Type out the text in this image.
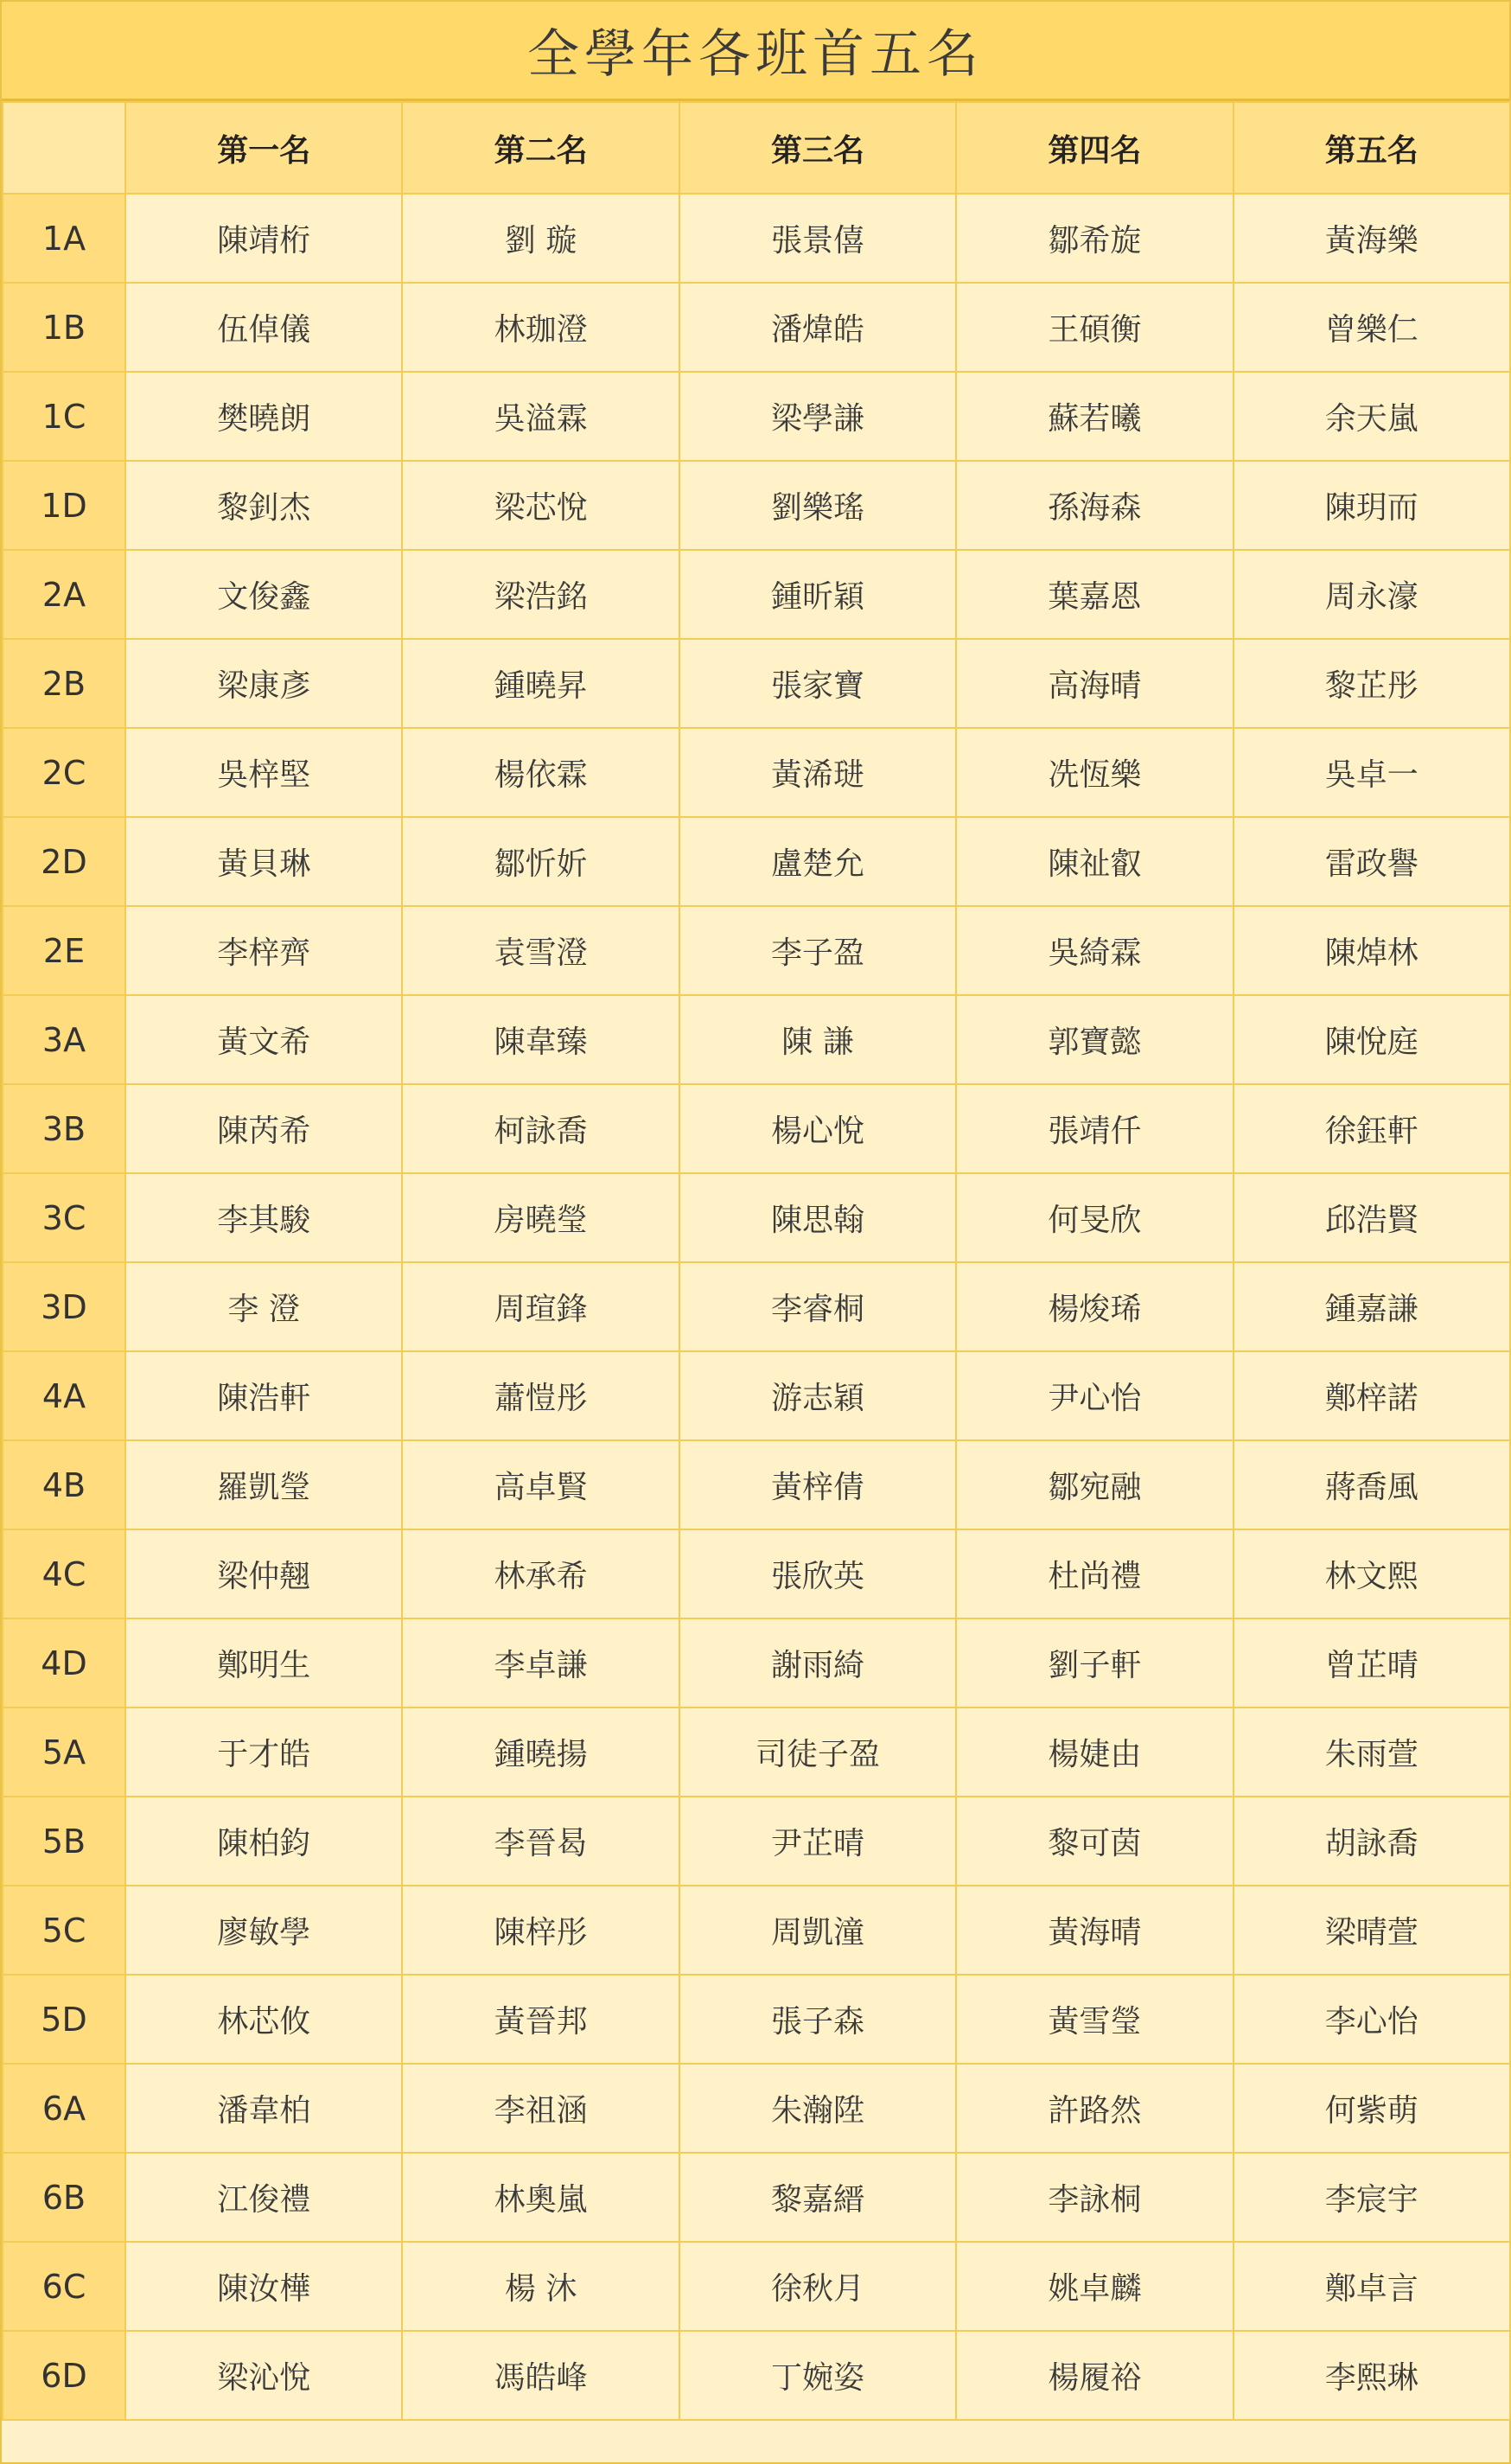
全學年各班首五名
	第一名	第二名	第三名	第四名	第五名
1A	陳靖桁	劉 璇	張景僖	鄒希旋	黃海樂
1B	伍倬儀	林珈澄	潘煒皓	王碩衡	曾樂仁
1C	樊曉朗	吳溢霖	梁學謙	蘇若曦	余天嵐
1D	黎釗杰	梁芯悅	劉樂瑤	孫海森	陳玥而
2A	文俊鑫	梁浩銘	鍾昕穎	葉嘉恩	周永濠
2B	梁康彥	鍾曉昇	張家寶	高海晴	黎芷彤
2C	吳梓堅	楊依霖	黃浠琎	冼恆樂	吳卓一
2D	黃貝琳	鄒忻妡	盧楚允	陳祉叡	雷政譽
2E	李梓齊	袁雪澄	李子盈	吳綺霖	陳焯林
3A	黃文希	陳韋臻	陳 謙	郭寶懿	陳悅庭
3B	陳芮希	柯詠喬	楊心悅	張靖仟	徐鈺軒
3C	李其駿	房曉瑩	陳思翰	何旻欣	邱浩賢
3D	李 澄	周瑄鋒	李睿桐	楊焌琋	鍾嘉謙
4A	陳浩軒	蕭愷彤	游志穎	尹心怡	鄭梓諾
4B	羅凱瑩	高卓賢	黃梓倩	鄒宛融	蔣喬風
4C	梁仲翹	林承希	張欣英	杜尚禮	林文熙
4D	鄭明生	李卓謙	謝雨綺	劉子軒	曾芷晴
5A	于才皓	鍾曉揚	司徒子盈	楊婕由	朱雨萱
5B	陳柏鈞	李晉曷	尹芷晴	黎可茵	胡詠喬
5C	廖敏學	陳梓彤	周凱潼	黃海晴	梁晴萱
5D	林芯攸	黃晉邦	張子森	黃雪瑩	李心怡
6A	潘韋柏	李祖涵	朱瀚陞	許路然	何紫萌
6B	江俊禮	林奧嵐	黎嘉縉	李詠桐	李宸宇
6C	陳汝樺	楊 沐	徐秋月	姚卓麟	鄭卓言
6D	梁沁悅	馮皓峰	丁婉姿	楊履裕	李熙琳
